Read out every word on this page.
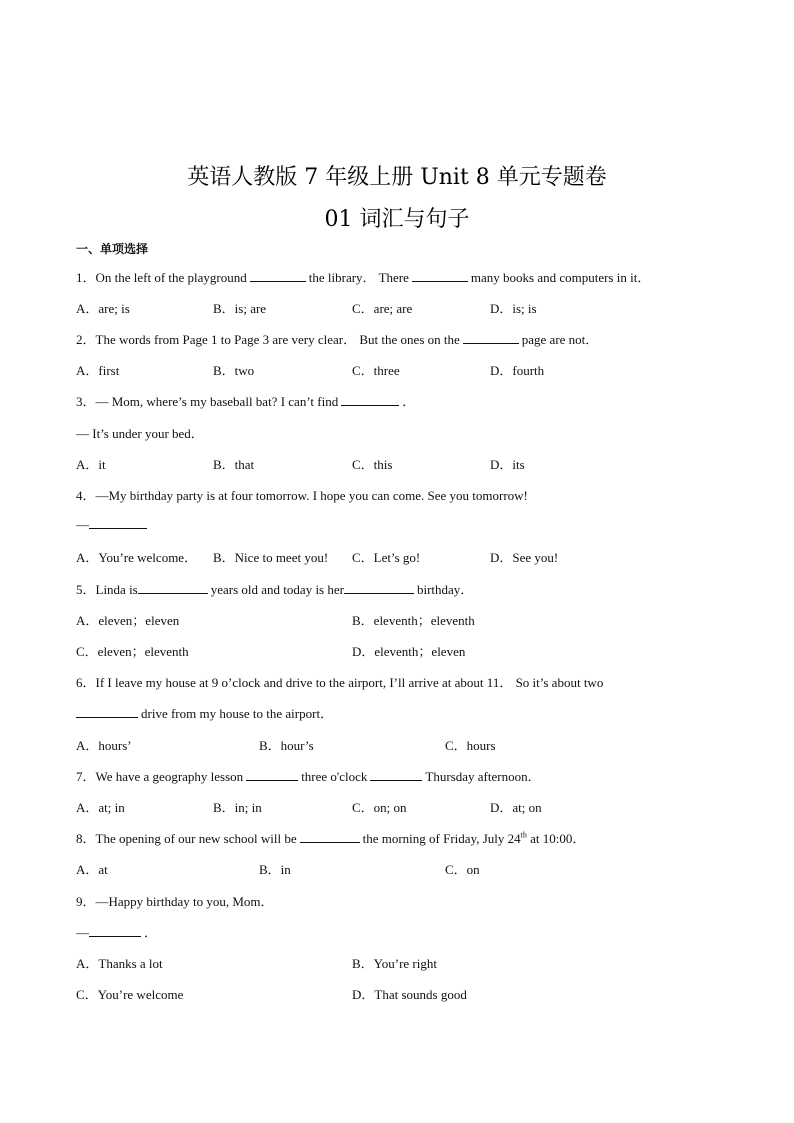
英语人教版 7 年级上册 Unit 8 单元专题卷
01 词汇与句子
一、单项选择
1．On the left of the playground	the library． There	many books and computers in it．
A．are; is	B．is; are	C．are; are	D．is; is
2．The words from Page 1 to Page 3 are very clear． But the ones on the	page are not．
A．first	B．two	C．three	D．fourth
3．— Mom, where’s my baseball bat? I can’t find	．
— It’s under your bed．
A．it	B．that	C．this	D．its
4．—My birthday party is at four tomorrow. I hope you can come. See you tomorrow!
—
A．You’re welcome． B．Nice to meet you! C．Let’s go!	D．See you!
5．Linda is	years old and today is her	birthday．
A．eleven；eleven	B．eleventh；eleventh
C．eleven；eleventh	D．eleventh；eleven
6．If I leave my house at 9 o’clock and drive to the airport, I’ll arrive at about 11． So it’s about two
drive from my house to the airport．
A．hours’	B．hour’s	C．hours
7．We have a geography lesson	three o'clock	Thursday afternoon．
A．at; in	B．in; in	C．on; on	D．at; on
8．The opening of our new school will be	the morning of Friday, July 24th at 10:00．
A．at	B．in	C．on
9．—Happy birthday to you, Mom．
—	．
A．Thanks a lot	B．You’re right
C．You’re welcome	D．That sounds good
